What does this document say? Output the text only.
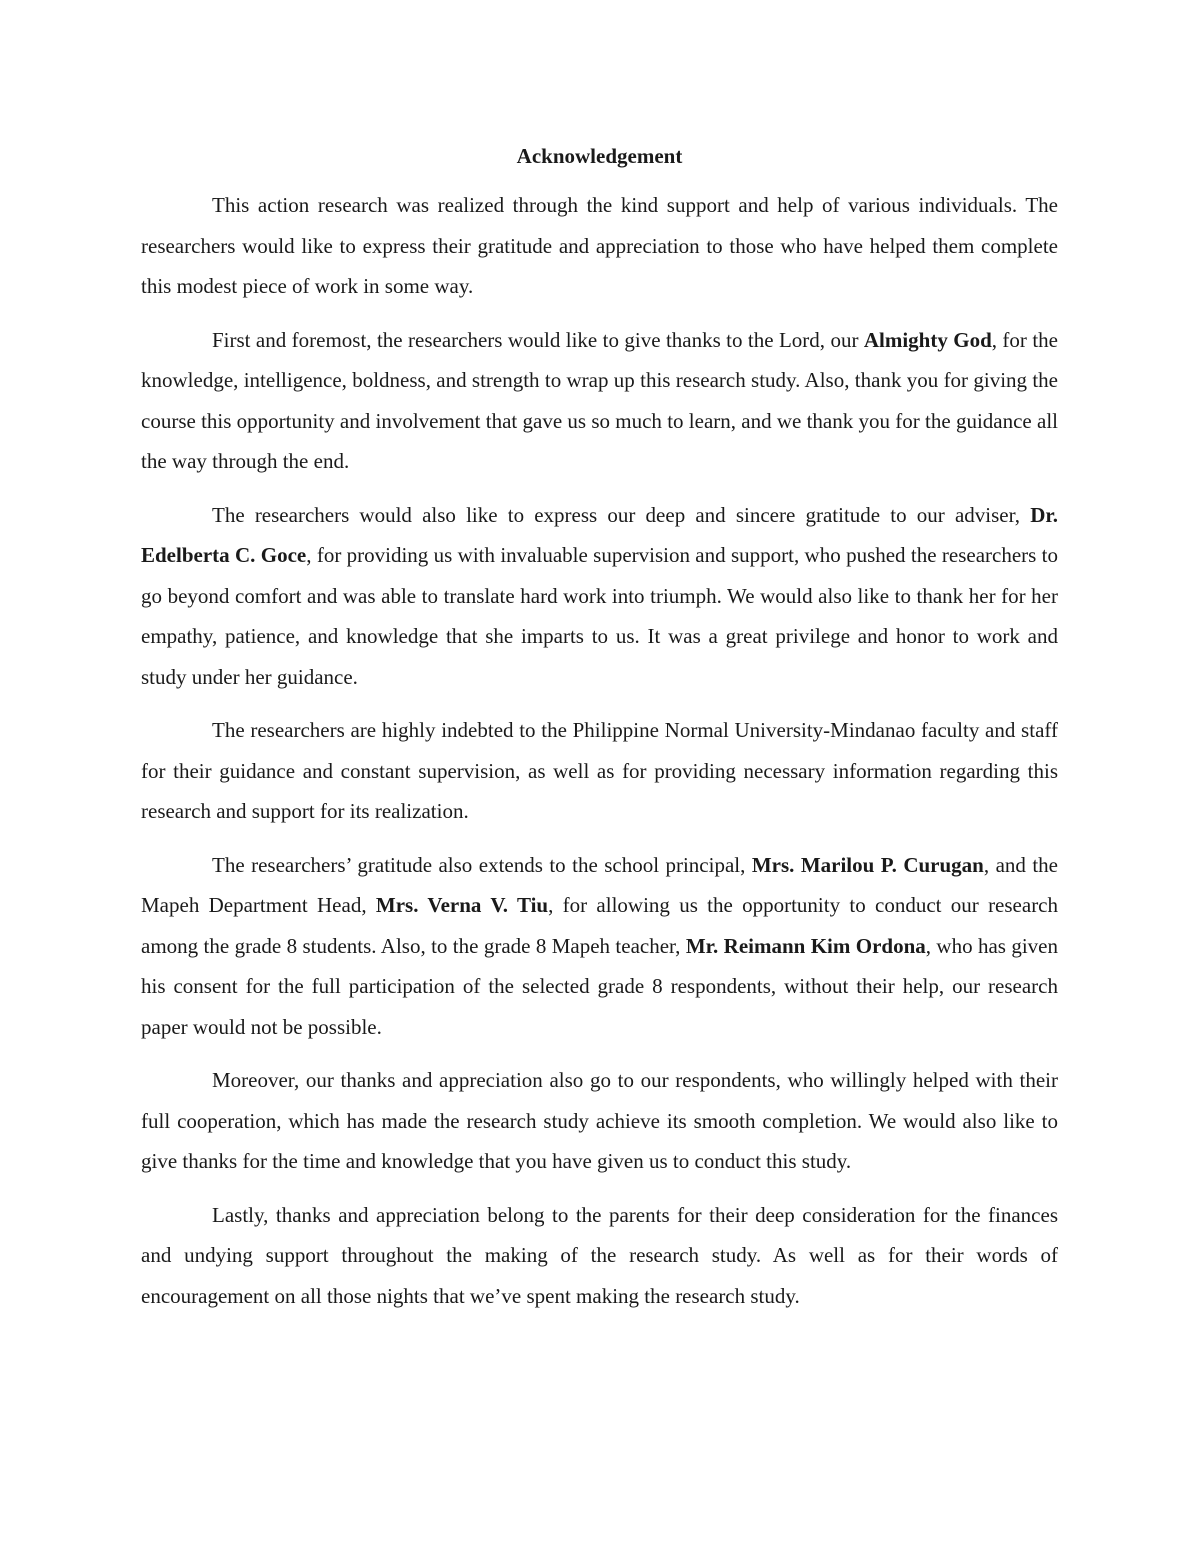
Acknowledgement

This action research was realized through the kind support and help of various individuals. The researchers would like to express their gratitude and appreciation to those who have helped them complete this modest piece of work in some way.

First and foremost, the researchers would like to give thanks to the Lord, our Almighty God, for the knowledge, intelligence, boldness, and strength to wrap up this research study. Also, thank you for giving the course this opportunity and involvement that gave us so much to learn, and we thank you for the guidance all the way through the end.

The researchers would also like to express our deep and sincere gratitude to our adviser, Dr. Edelberta C. Goce, for providing us with invaluable supervision and support, who pushed the researchers to go beyond comfort and was able to translate hard work into triumph. We would also like to thank her for her empathy, patience, and knowledge that she imparts to us. It was a great privilege and honor to work and study under her guidance.

The researchers are highly indebted to the Philippine Normal University-Mindanao faculty and staff for their guidance and constant supervision, as well as for providing necessary information regarding this research and support for its realization.

The researchers’ gratitude also extends to the school principal, Mrs. Marilou P. Curugan, and the Mapeh Department Head, Mrs. Verna V. Tiu, for allowing us the opportunity to conduct our research among the grade 8 students. Also, to the grade 8 Mapeh teacher, Mr. Reimann Kim Ordona, who has given his consent for the full participation of the selected grade 8 respondents, without their help, our research paper would not be possible.

Moreover, our thanks and appreciation also go to our respondents, who willingly helped with their full cooperation, which has made the research study achieve its smooth completion. We would also like to give thanks for the time and knowledge that you have given us to conduct this study.

Lastly, thanks and appreciation belong to the parents for their deep consideration for the finances and undying support throughout the making of the research study. As well as for their words of encouragement on all those nights that we’ve spent making the research study.
